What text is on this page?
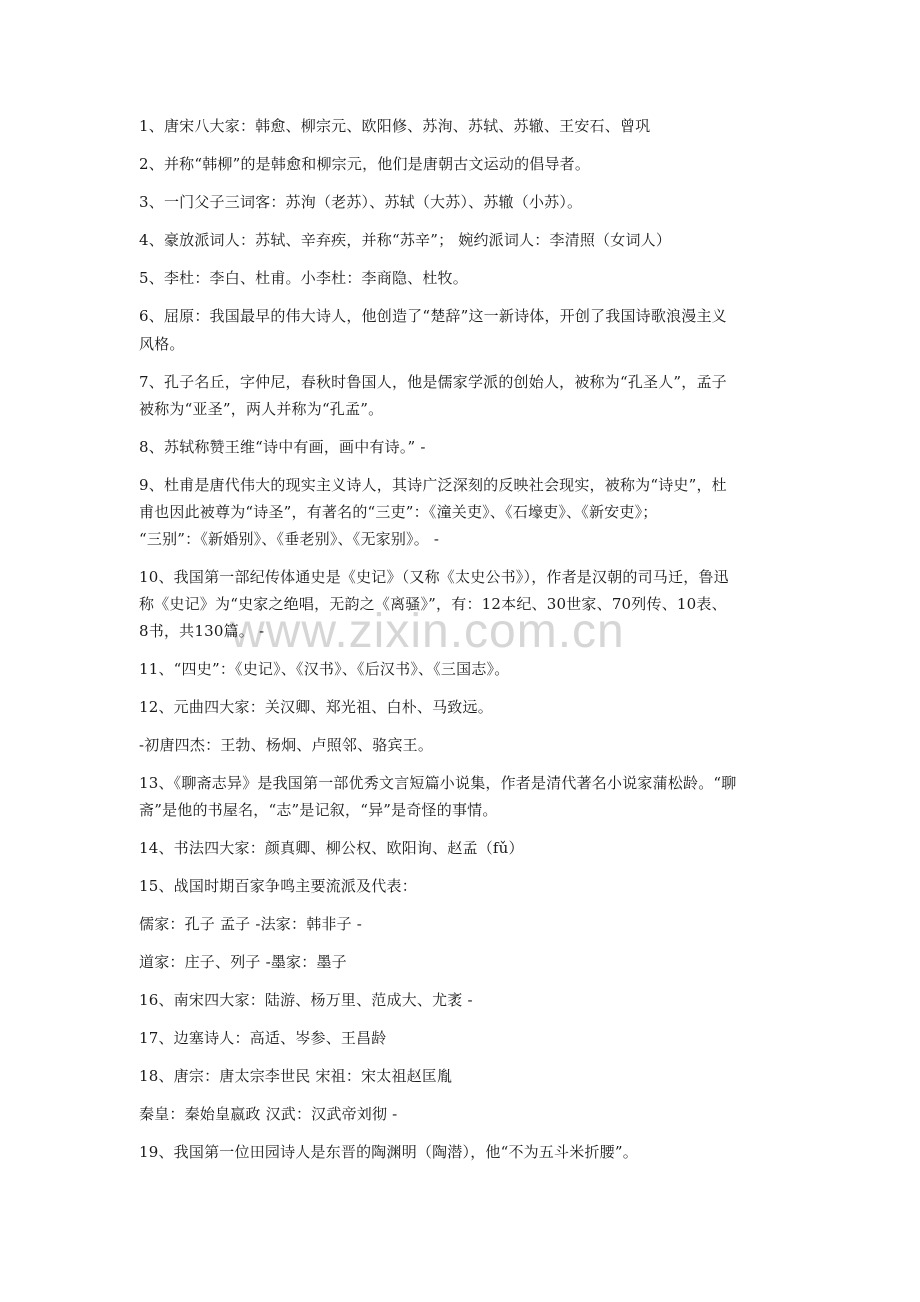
www.zixin.com.cn
1、唐宋八大家：韩愈、柳宗元、欧阳修、苏洵、苏轼、苏辙、王安石、曾巩
2、并称“韩柳”的是韩愈和柳宗元，他们是唐朝古文运动的倡导者。
3、一门父子三词客：苏洵（老苏）、苏轼（大苏）、苏辙（小苏）。
4、豪放派词人：苏轼、辛弃疾，并称“苏辛”； 婉约派词人：李清照（女词人）
5、李杜：李白、杜甫。小李杜：李商隐、杜牧。
6、屈原：我国最早的伟大诗人，他创造了“楚辞”这一新诗体，开创了我国诗歌浪漫主义
风格。
7、孔子名丘，字仲尼，春秋时鲁国人，他是儒家学派的创始人，被称为“孔圣人”，孟子
被称为“亚圣”，两人并称为“孔孟”。
8、苏轼称赞王维“诗中有画，画中有诗。” -
9、杜甫是唐代伟大的现实主义诗人，其诗广泛深刻的反映社会现实，被称为“诗史”，杜
甫也因此被尊为“诗圣”，有著名的“三吏”：《潼关吏》、《石壕吏》、《新安吏》；
“三别”：《新婚别》、《垂老别》、《无家别》。 -
10、我国第一部纪传体通史是《史记》（又称《太史公书》），作者是汉朝的司马迁，鲁迅
称《史记》为“史家之绝唱，无韵之《离骚》”，有：12本纪、30世家、70列传、10表、
8书，共130篇。 -
11、“四史”：《史记》、《汉书》、《后汉书》、《三国志》。
12、元曲四大家：关汉卿、郑光祖、白朴、马致远。
-初唐四杰：王勃、杨炯、卢照邻、骆宾王。
13、《聊斋志异》是我国第一部优秀文言短篇小说集，作者是清代著名小说家蒲松龄。“聊
斋”是他的书屋名，“志”是记叙，“异”是奇怪的事情。
14、书法四大家：颜真卿、柳公权、欧阳询、赵孟（fǔ）
15、战国时期百家争鸣主要流派及代表：
儒家：孔子 孟子 -法家：韩非子 -
道家：庄子、列子 -墨家：墨子
16、南宋四大家：陆游、杨万里、范成大、尤袤 -
17、边塞诗人：高适、岑参、王昌龄
18、唐宗：唐太宗李世民 宋祖：宋太祖赵匡胤
秦皇：秦始皇嬴政 汉武：汉武帝刘彻 -
19、我国第一位田园诗人是东晋的陶渊明（陶潜），他“不为五斗米折腰”。
